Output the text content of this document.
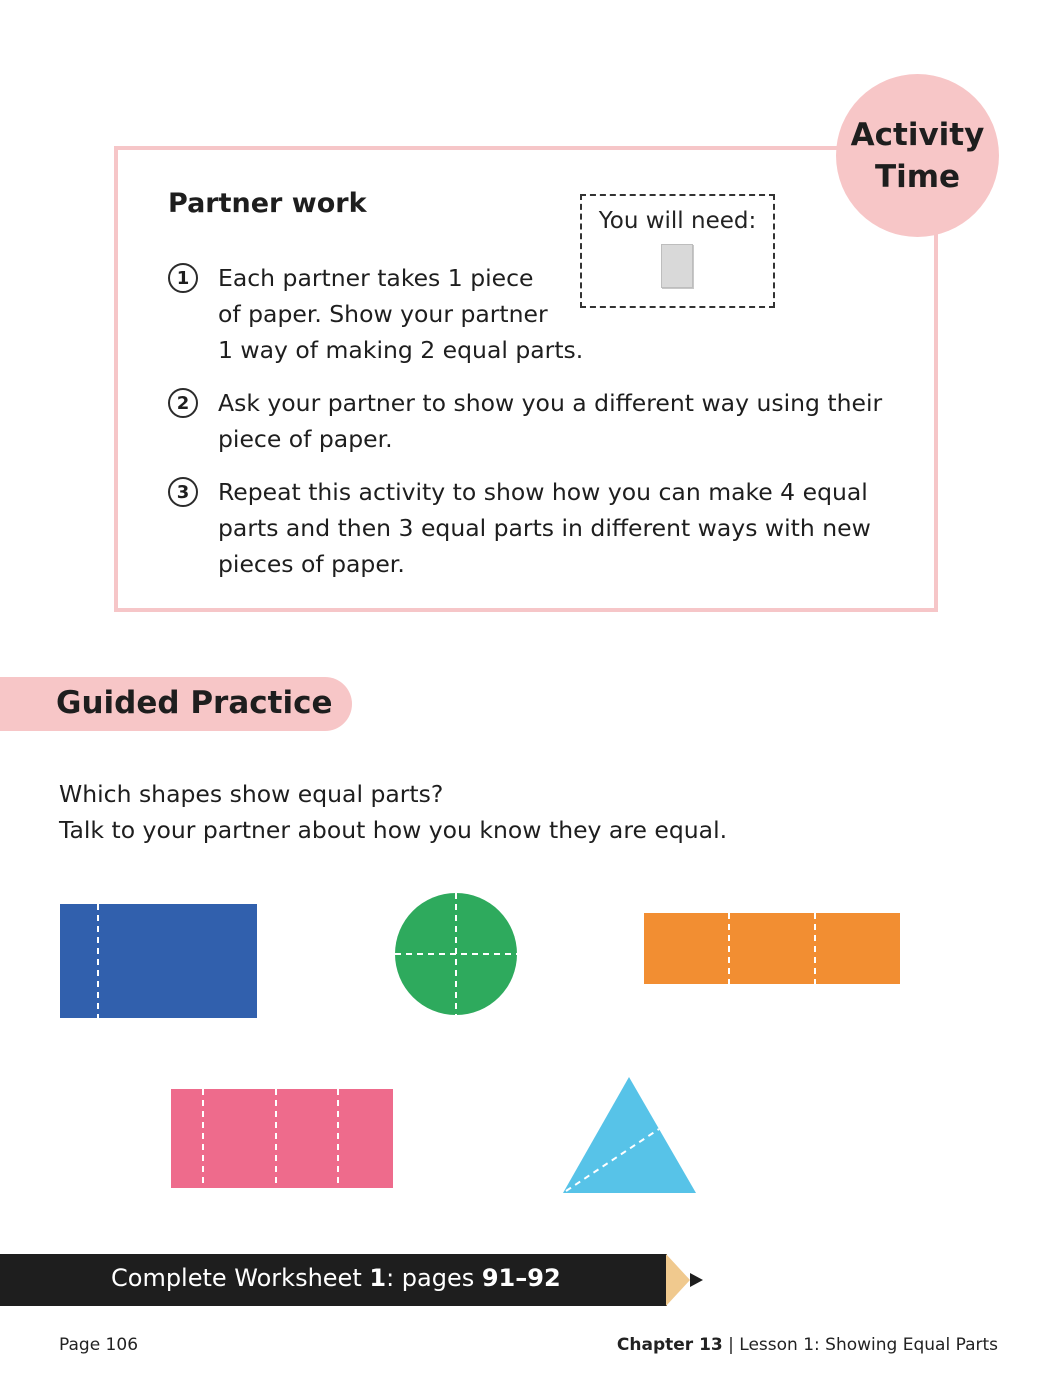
Activity
Time
Partner work
You will need:
1	Each partner takes 1 piece
of paper. Show your partner
1 way of making 2 equal parts.
2	Ask your partner to show you a different way using their
piece of paper.
3	Repeat this activity to show how you can make 4 equal
parts and then 3 equal parts in different ways with new
pieces of paper.
Guided Practice
Which shapes show equal parts?
Talk to your partner about how you know they are equal.
Complete Worksheet 1: pages 91–92
Page 106	Chapter 13 | Lesson 1: Showing Equal Parts
